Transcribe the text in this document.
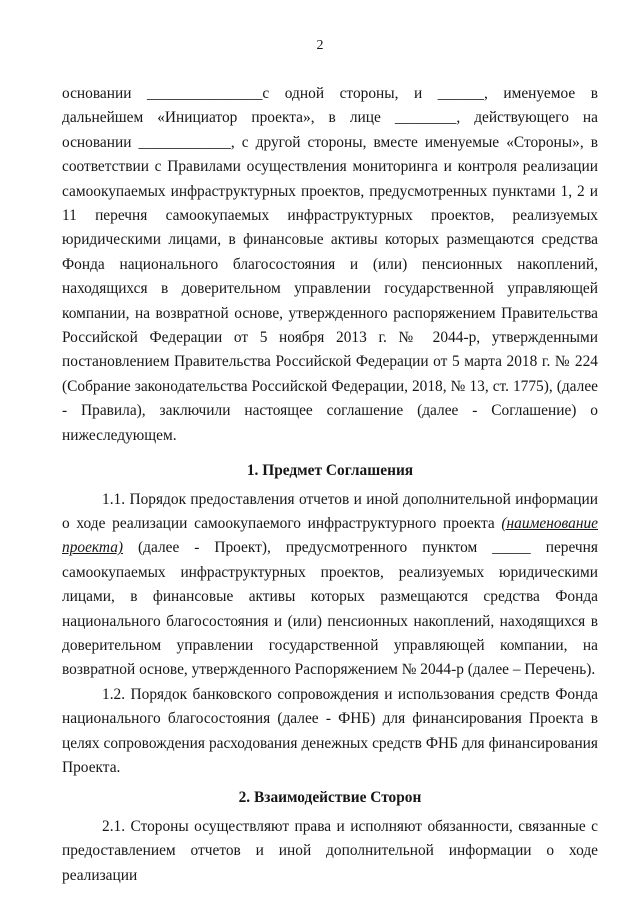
2

основании _______________с одной стороны, и ______, именуемое в дальнейшем «Инициатор проекта», в лице ________, действующего на основании ____________, с другой стороны, вместе именуемые «Стороны», в соответствии с Правилами осуществления мониторинга и контроля реализации самоокупаемых инфраструктурных проектов, предусмотренных пунктами 1, 2 и 11 перечня самоокупаемых инфраструктурных проектов, реализуемых юридическими лицами, в финансовые активы которых размещаются средства Фонда национального благосостояния и (или) пенсионных накоплений, находящихся в доверительном управлении государственной управляющей компании, на возвратной основе, утвержденного распоряжением Правительства Российской Федерации от 5 ноября 2013 г. № 2044-р, утвержденными постановлением Правительства Российской Федерации от 5 марта 2018 г. № 224 (Собрание законодательства Российской Федерации, 2018, № 13, ст. 1775), (далее - Правила), заключили настоящее соглашение (далее - Соглашение) о нижеследующем.

1. Предмет Соглашения

1.1. Порядок предоставления отчетов и иной дополнительной информации о ходе реализации самоокупаемого инфраструктурного проекта (наименование проекта) (далее - Проект), предусмотренного пунктом _____ перечня самоокупаемых инфраструктурных проектов, реализуемых юридическими лицами, в финансовые активы которых размещаются средства Фонда национального благосостояния и (или) пенсионных накоплений, находящихся в доверительном управлении государственной управляющей компании, на возвратной основе, утвержденного Распоряжением № 2044-р (далее – Перечень).

1.2. Порядок банковского сопровождения и использования средств Фонда национального благосостояния (далее - ФНБ) для финансирования Проекта в целях сопровождения расходования денежных средств ФНБ для финансирования Проекта.

2. Взаимодействие Сторон

2.1. Стороны осуществляют права и исполняют обязанности, связанные с предоставлением отчетов и иной дополнительной информации о ходе реализации
